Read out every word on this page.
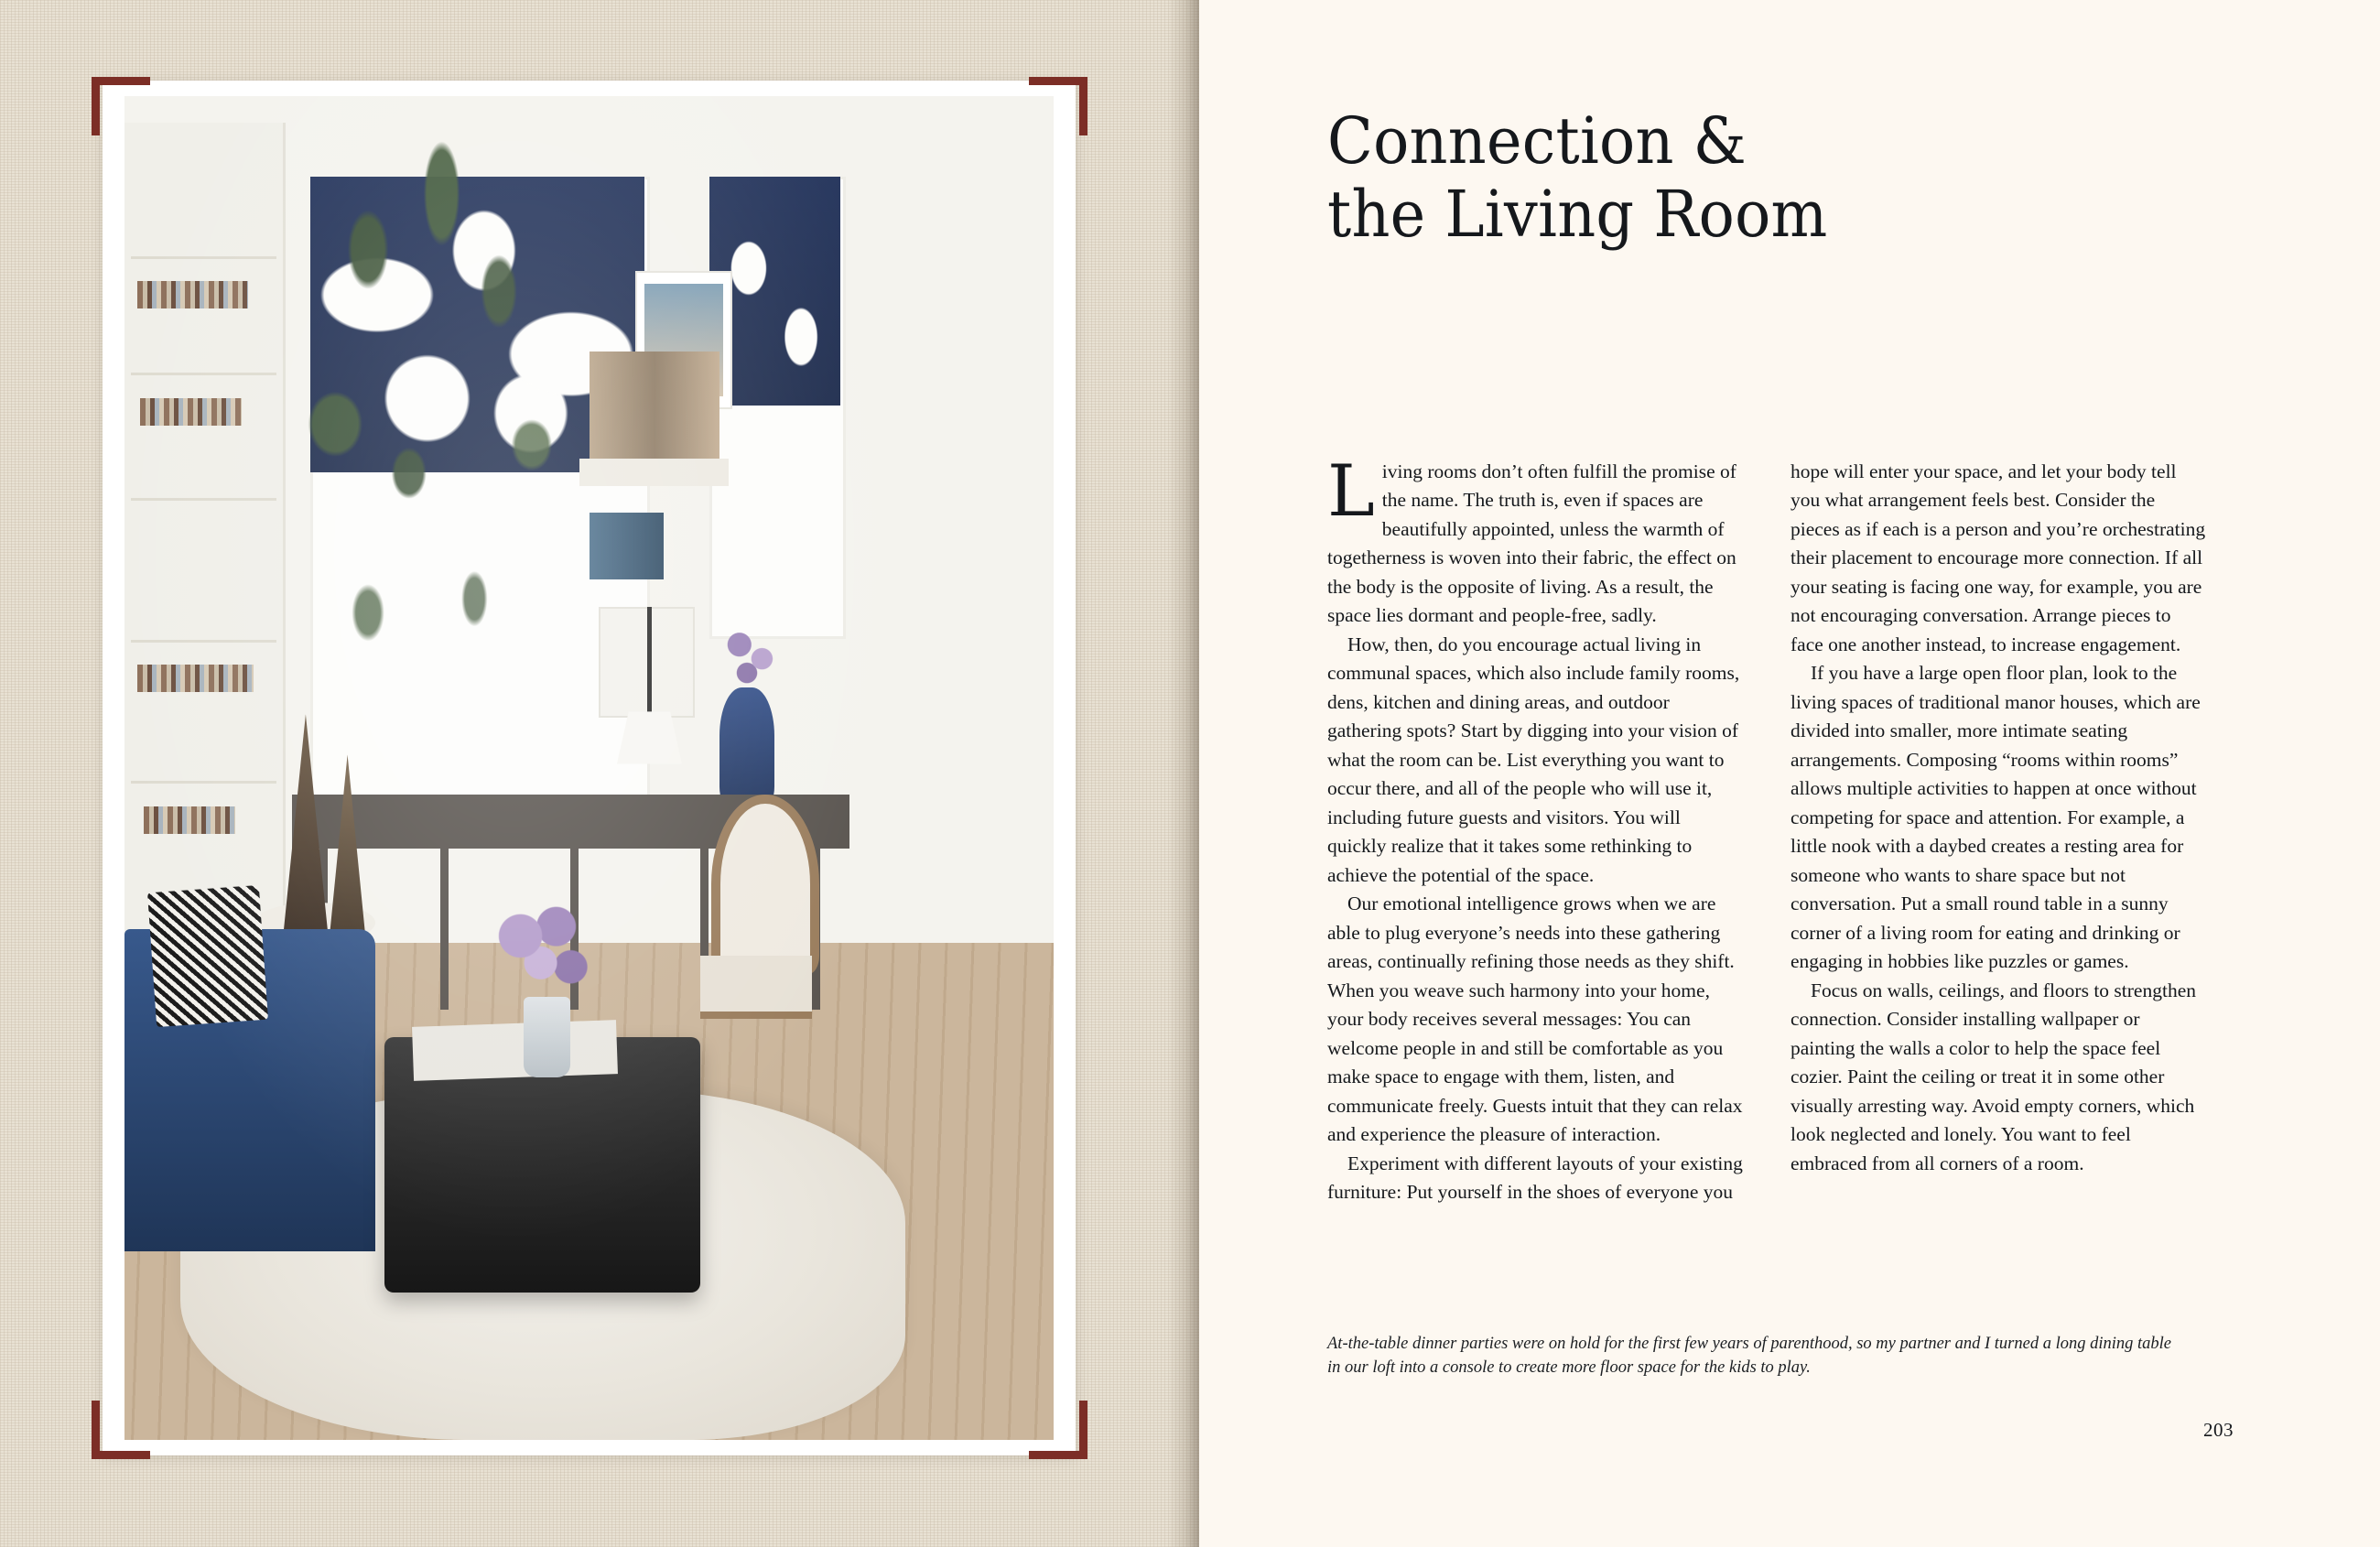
Connection &
the Living Room

Living rooms don’t often fulfill the promise of the name. The truth is, even if spaces are beautifully appointed, unless the warmth of togetherness is woven into their fabric, the effect on the body is the opposite of living. As a result, the space lies dormant and people-free, sadly.

How, then, do you encourage actual living in communal spaces, which also include family rooms, dens, kitchen and dining areas, and outdoor gathering spots? Start by digging into your vision of what the room can be. List everything you want to occur there, and all of the people who will use it, including future guests and visitors. You will quickly realize that it takes some rethinking to achieve the potential of the space.

Our emotional intelligence grows when we are able to plug everyone’s needs into these gathering areas, continually refining those needs as they shift. When you weave such harmony into your home, your body receives several messages: You can welcome people in and still be comfortable as you make space to engage with them, listen, and communicate freely. Guests intuit that they can relax and experience the pleasure of interaction.

Experiment with different layouts of your existing furniture: Put yourself in the shoes of everyone you hope will enter your space, and let your body tell you what arrangement feels best. Consider the pieces as if each is a person and you’re orchestrating their placement to encourage more connection. If all your seating is facing one way, for example, you are not encouraging conversation. Arrange pieces to face one another instead, to increase engagement.

If you have a large open floor plan, look to the living spaces of traditional manor houses, which are divided into smaller, more intimate seating arrangements. Composing “rooms within rooms” allows multiple activities to happen at once without competing for space and attention. For example, a little nook with a daybed creates a resting area for someone who wants to share space but not conversation. Put a small round table in a sunny corner of a living room for eating and drinking or engaging in hobbies like puzzles or games.

Focus on walls, ceilings, and floors to strengthen connection. Consider installing wallpaper or painting the walls a color to help the space feel cozier. Paint the ceiling or treat it in some other visually arresting way. Avoid empty corners, which look neglected and lonely. You want to feel embraced from all corners of a room.

At-the-table dinner parties were on hold for the first few years of parenthood, so my partner and I turned a long dining table in our loft into a console to create more floor space for the kids to play.
203
